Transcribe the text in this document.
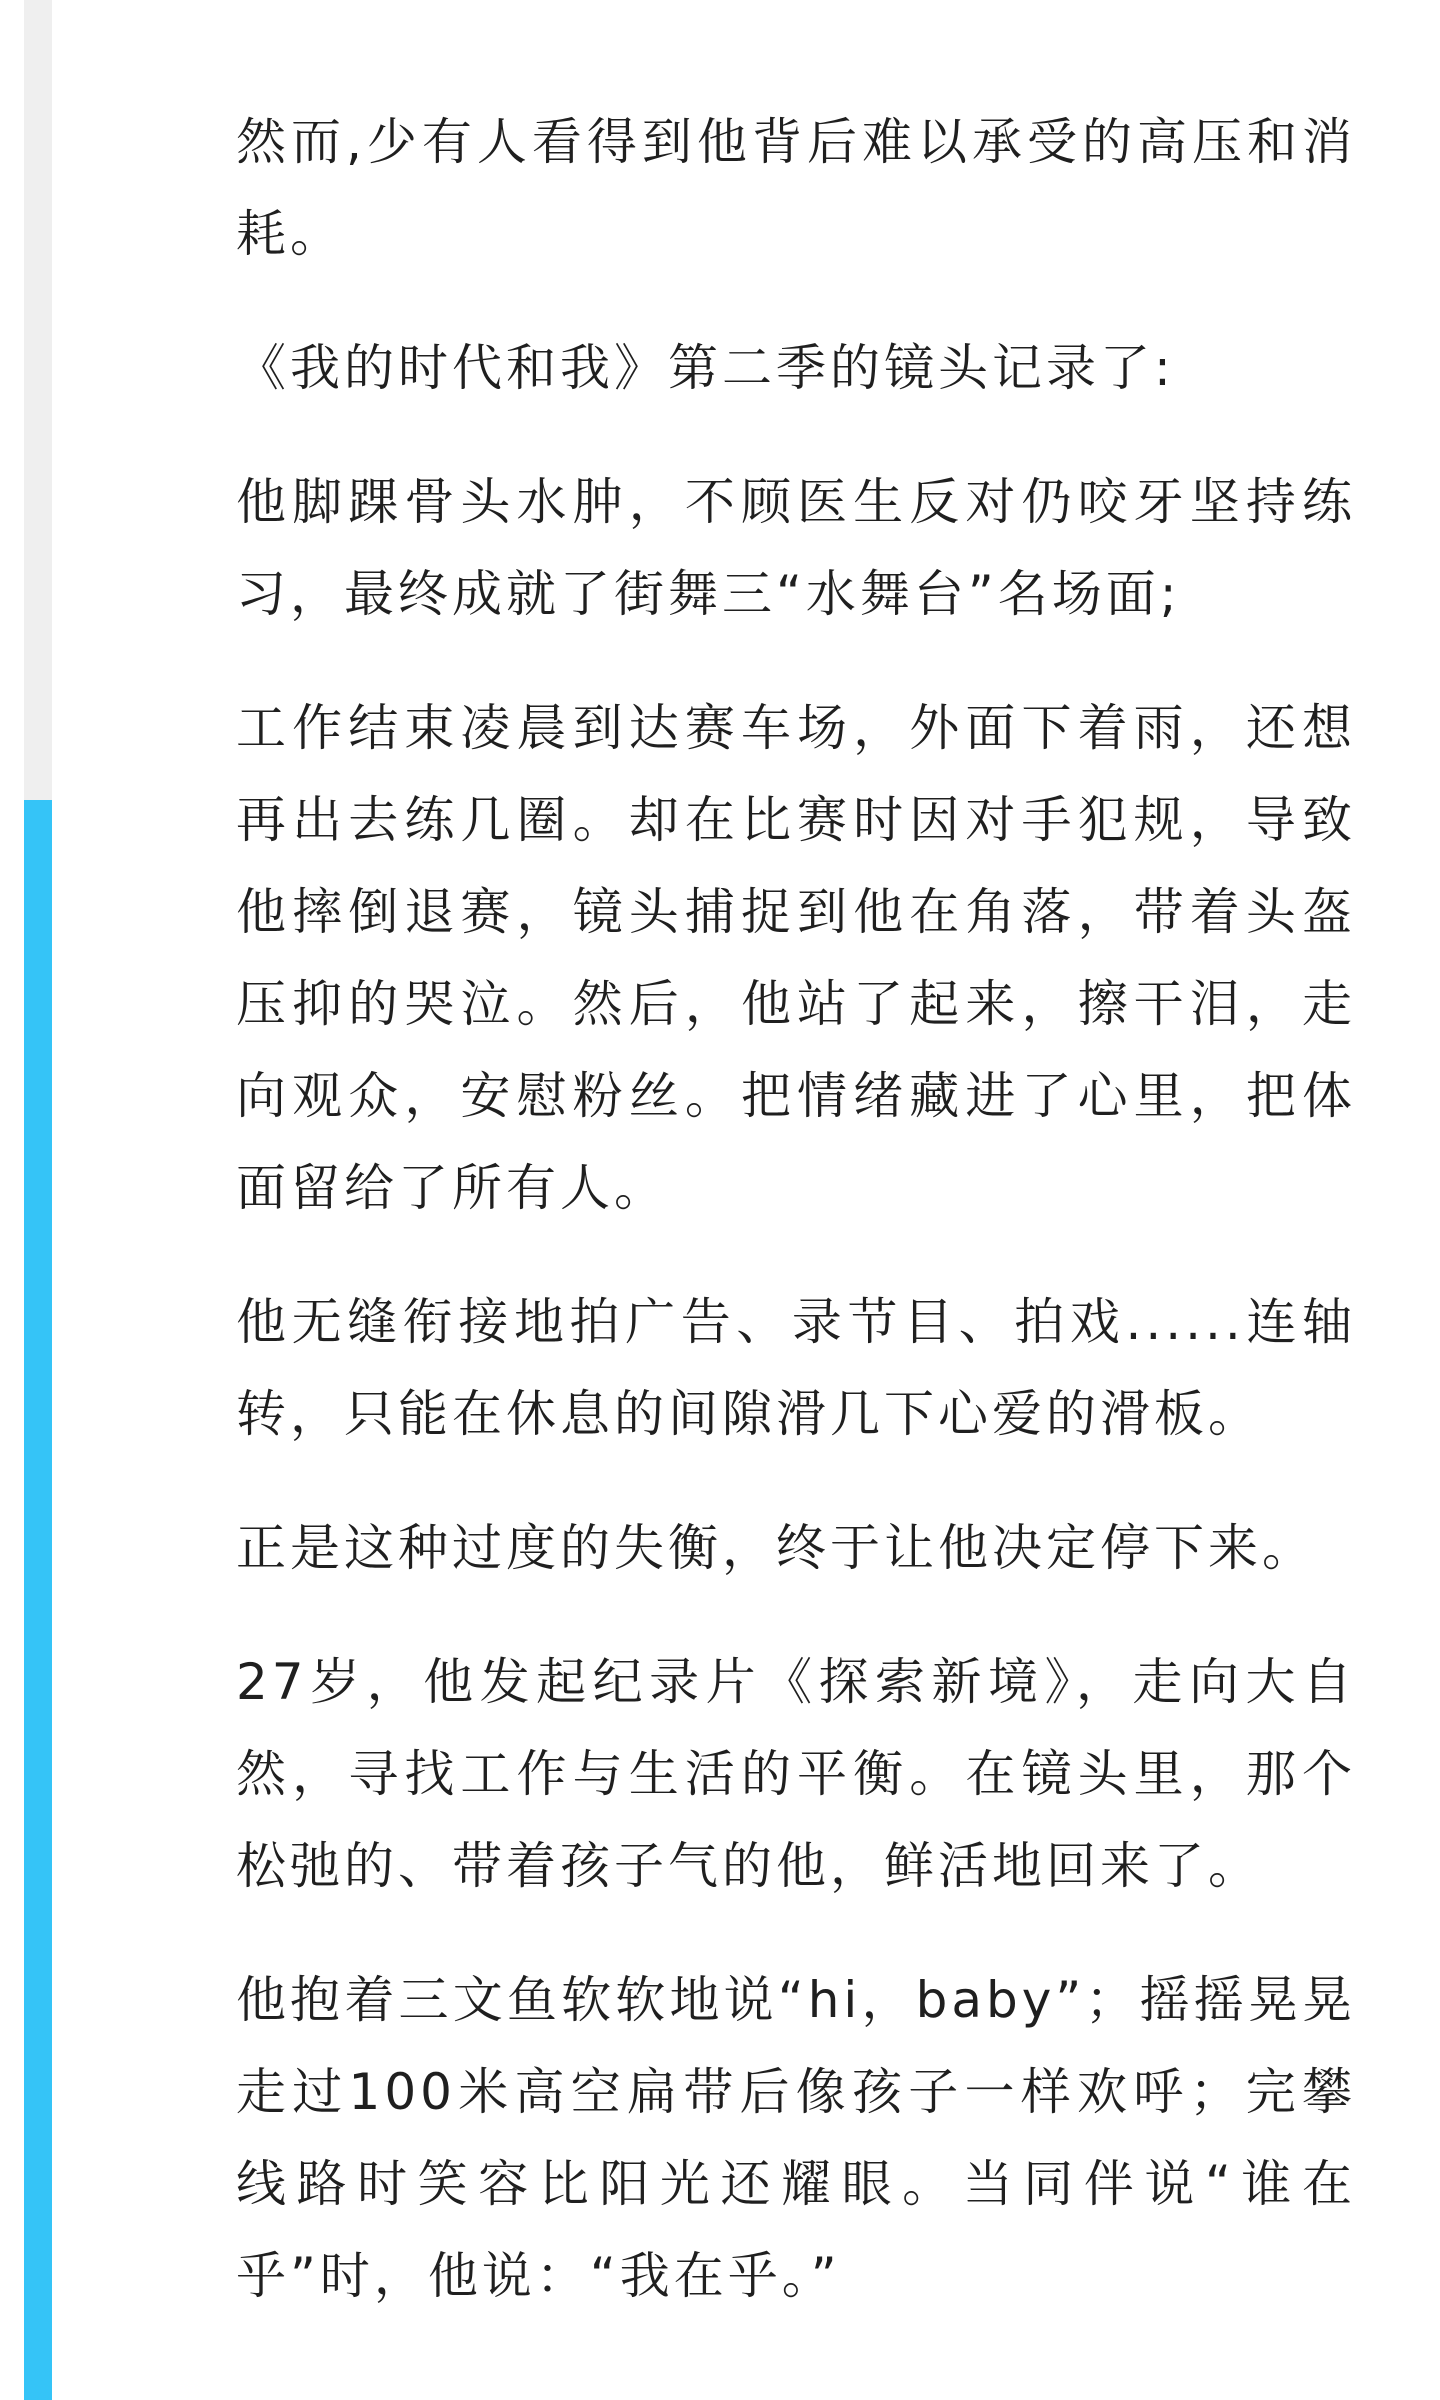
然而,少有人看得到他背后难以承受的高压和消耗。

《我的时代和我》第二季的镜头记录了:

他脚踝骨头水肿，不顾医生反对仍咬牙坚持练习，最终成就了街舞三“水舞台”名场面;

工作结束凌晨到达赛车场，外面下着雨，还想再出去练几圈。却在比赛时因对手犯规，导致他摔倒退赛，镜头捕捉到他在角落，带着头盔压抑的哭泣。然后，他站了起来，擦干泪，走向观众，安慰粉丝。把情绪藏进了心里，把体面留给了所有人。

他无缝衔接地拍广告、录节目、拍戏......连轴转，只能在休息的间隙滑几下心爱的滑板。

正是这种过度的失衡，终于让他决定停下来。

27岁，他发起纪录片《探索新境》，走向大自然，寻找工作与生活的平衡。在镜头里，那个松弛的、带着孩子气的他，鲜活地回来了。

他抱着三文鱼软软地说“hi，baby”；摇摇晃晃走过100米高空扁带后像孩子一样欢呼；完攀线路时笑容比阳光还耀眼。当同伴说“谁在乎”时，他说：“我在乎。”
